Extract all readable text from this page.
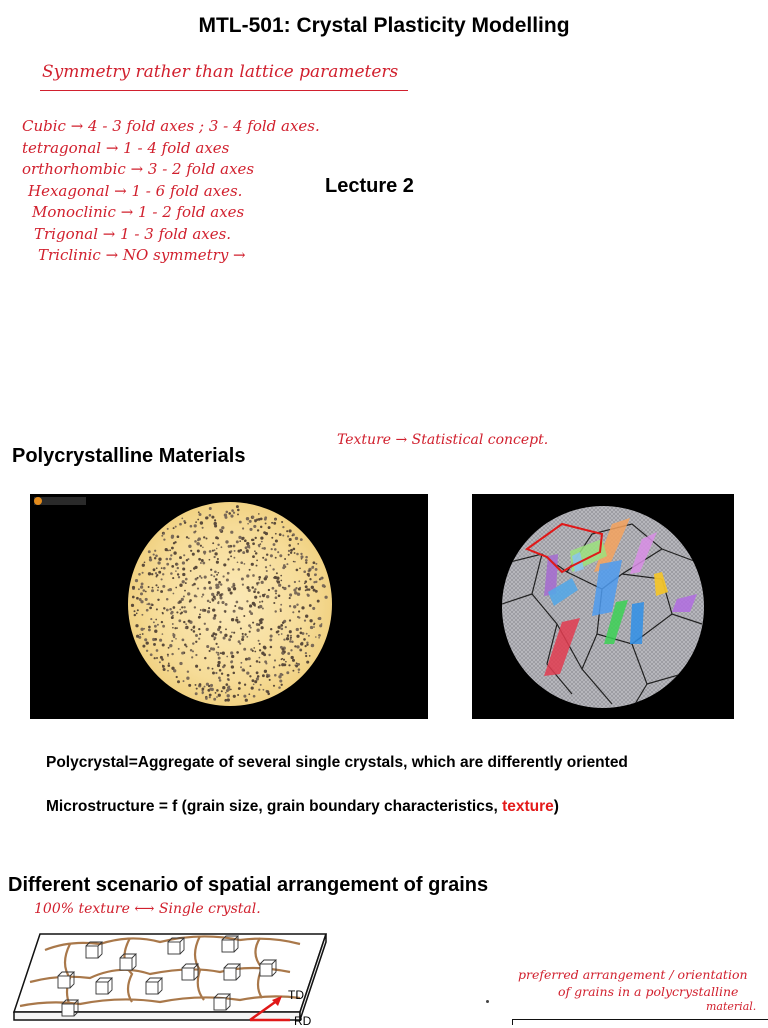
MTL-501: Crystal Plasticity Modelling
Symmetry rather than lattice parameters
Cubic → 4 - 3 fold axes ; 3 - 4 fold axes.
tetragonal → 1 - 4 fold axes
orthorhombic → 3 - 2 fold axes
Hexagonal → 1 - 6 fold axes.
Monoclinic → 1 - 2 fold axes
Trigonal → 1 - 3 fold axes.
Triclinic → NO symmetry →
Lecture 2
Polycrystalline Materials
Texture → Statistical concept.
Polycrystal=Aggregate of several single crystals, which are differently oriented
Microstructure = f (grain size, grain boundary characteristics, texture)
Different scenario of spatial arrangement of grains
100% texture ⟷ Single crystal.
TD
RD
preferred arrangement / orientation
of grains in a polycrystalline
material.
